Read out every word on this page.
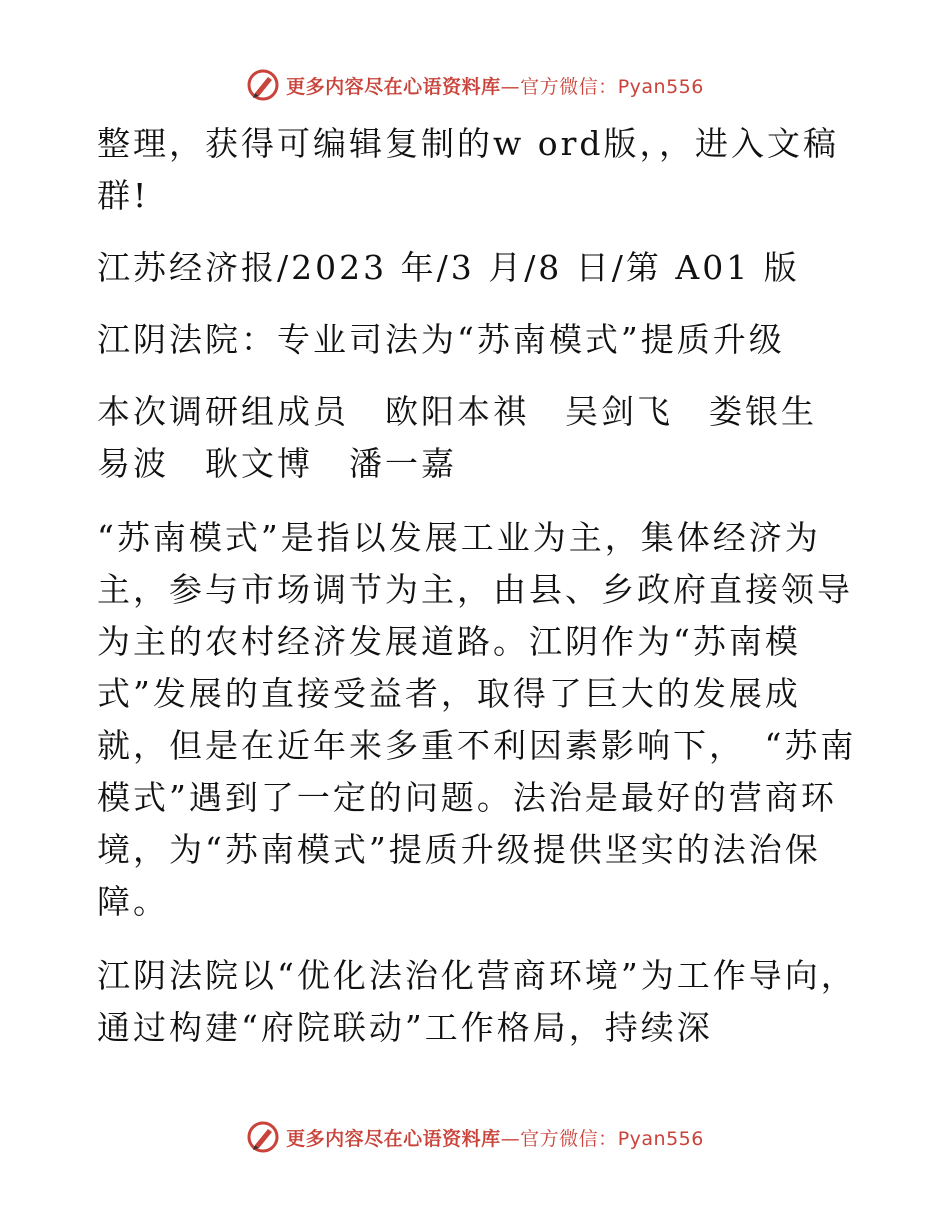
更多内容尽在心语资料库—官方微信：Pyan556

整理，获得可编辑复制的w ord版，，进入文稿群!

江苏经济报/2023 年/3 月/8 日/第 A01 版

江阴法院：专业司法为“苏南模式”提质升级

本次调研组成员　欧阳本祺　吴剑飞　娄银生　易波　耿文博　潘一嘉

“苏南模式”是指以发展工业为主，集体经济为主，参与市场调节为主，由县、乡政府直接领导为主的农村经济发展道路。江阴作为“苏南模式”发展的直接受益者，取得了巨大的发展成就，但是在近年来多重不利因素影响下，　“苏南模式”遇到了一定的问题。法治是最好的营商环境，为“苏南模式”提质升级提供坚实的法治保障。

江阴法院以“优化法治化营商环境”为工作导向，通过构建“府院联动”工作格局，持续深

更多内容尽在心语资料库—官方微信：Pyan556
